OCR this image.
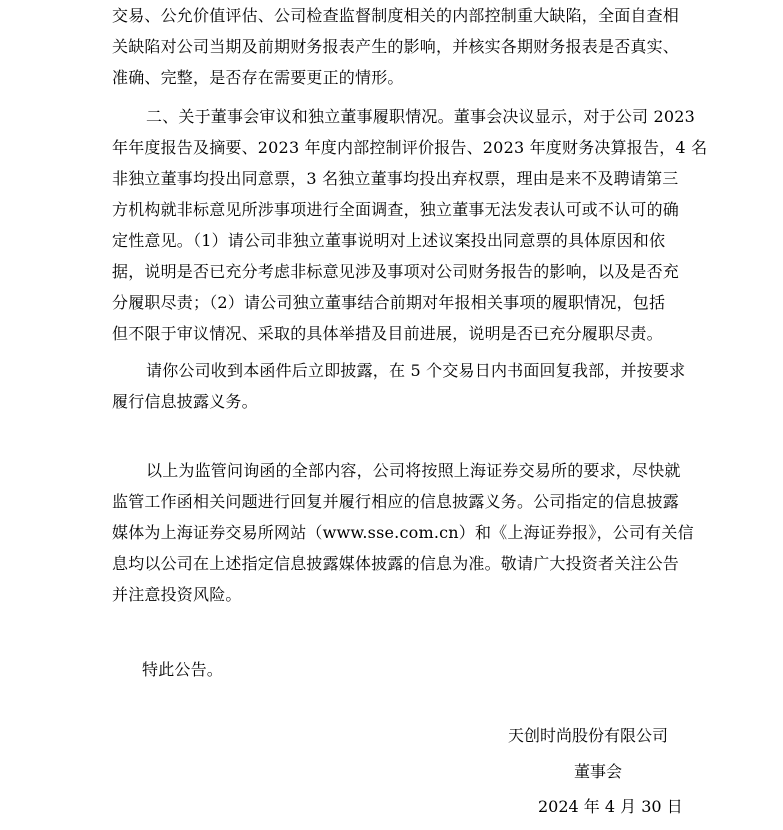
交易、公允价值评估、公司检查监督制度相关的内部控制重大缺陷，全面自查相
关缺陷对公司当期及前期财务报表产生的影响，并核实各期财务报表是否真实、
准确、完整，是否存在需要更正的情形。

二、关于董事会审议和独立董事履职情况。董事会决议显示，对于公司 2023
年年度报告及摘要、2023 年度内部控制评价报告、2023 年度财务决算报告，4 名
非独立董事均投出同意票，3 名独立董事均投出弃权票，理由是来不及聘请第三
方机构就非标意见所涉事项进行全面调查，独立董事无法发表认可或不认可的确
定性意见。（1）请公司非独立董事说明对上述议案投出同意票的具体原因和依
据，说明是否已充分考虑非标意见涉及事项对公司财务报告的影响，以及是否充
分履职尽责；（2）请公司独立董事结合前期对年报相关事项的履职情况，包括
但不限于审议情况、采取的具体举措及目前进展，说明是否已充分履职尽责。

请你公司收到本函件后立即披露，在 5 个交易日内书面回复我部，并按要求
履行信息披露义务。

以上为监管问询函的全部内容，公司将按照上海证券交易所的要求，尽快就
监管工作函相关问题进行回复并履行相应的信息披露义务。公司指定的信息披露
媒体为上海证券交易所网站（www.sse.com.cn）和《上海证券报》，公司有关信
息均以公司在上述指定信息披露媒体披露的信息为准。敬请广大投资者关注公告
并注意投资风险。

特此公告。

天创时尚股份有限公司
董事会
2024 年 4 月 30 日
